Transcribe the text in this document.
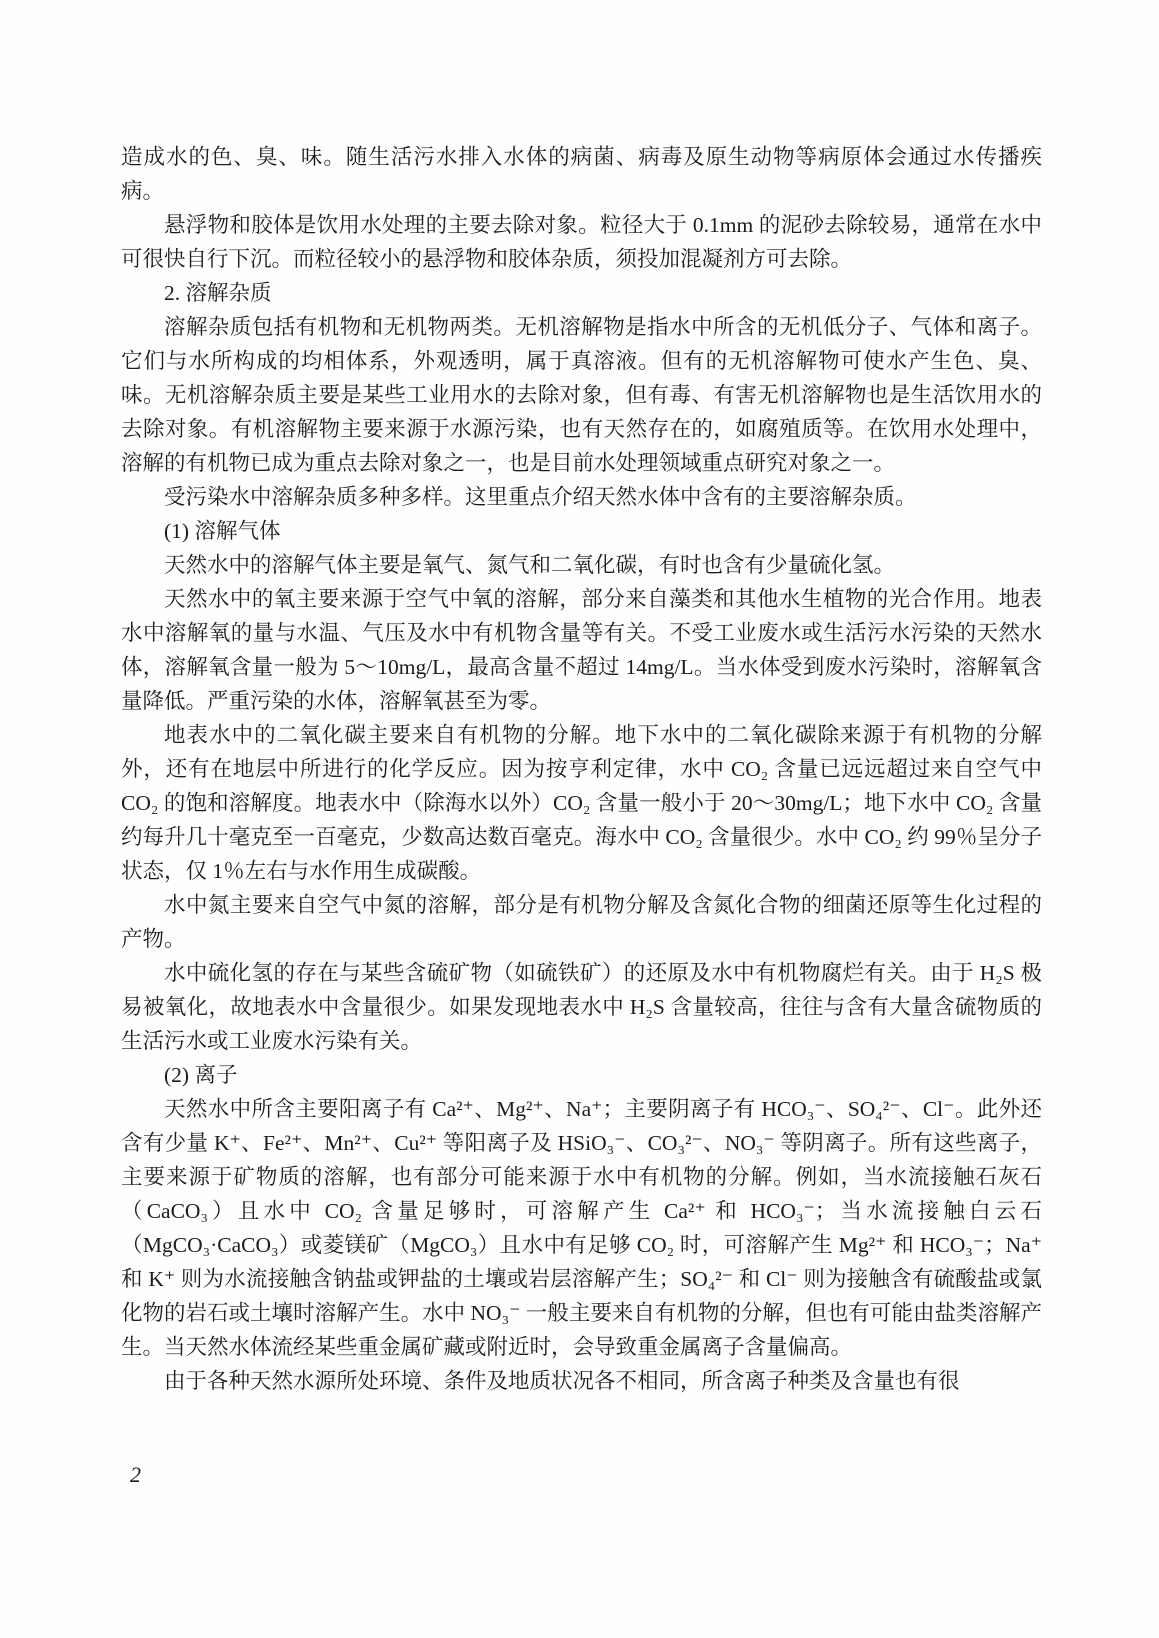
造成水的色、臭、味。随生活污水排入水体的病菌、病毒及原生动物等病原体会通过水传播疾病。

悬浮物和胶体是饮用水处理的主要去除对象。粒径大于 0.1mm 的泥砂去除较易，通常在水中可很快自行下沉。而粒径较小的悬浮物和胶体杂质，须投加混凝剂方可去除。

2. 溶解杂质

溶解杂质包括有机物和无机物两类。无机溶解物是指水中所含的无机低分子、气体和离子。它们与水所构成的均相体系，外观透明，属于真溶液。但有的无机溶解物可使水产生色、臭、味。无机溶解杂质主要是某些工业用水的去除对象，但有毒、有害无机溶解物也是生活饮用水的去除对象。有机溶解物主要来源于水源污染，也有天然存在的，如腐殖质等。在饮用水处理中，溶解的有机物已成为重点去除对象之一，也是目前水处理领域重点研究对象之一。

受污染水中溶解杂质多种多样。这里重点介绍天然水体中含有的主要溶解杂质。

(1) 溶解气体

天然水中的溶解气体主要是氧气、氮气和二氧化碳，有时也含有少量硫化氢。

天然水中的氧主要来源于空气中氧的溶解，部分来自藻类和其他水生植物的光合作用。地表水中溶解氧的量与水温、气压及水中有机物含量等有关。不受工业废水或生活污水污染的天然水体，溶解氧含量一般为 5～10mg/L，最高含量不超过 14mg/L。当水体受到废水污染时，溶解氧含量降低。严重污染的水体，溶解氧甚至为零。

地表水中的二氧化碳主要来自有机物的分解。地下水中的二氧化碳除来源于有机物的分解外，还有在地层中所进行的化学反应。因为按亨利定律，水中 CO₂ 含量已远远超过来自空气中 CO₂ 的饱和溶解度。地表水中（除海水以外）CO₂ 含量一般小于 20～30mg/L；地下水中 CO₂ 含量约每升几十毫克至一百毫克，少数高达数百毫克。海水中 CO₂ 含量很少。水中 CO₂ 约 99％呈分子状态，仅 1％左右与水作用生成碳酸。

水中氮主要来自空气中氮的溶解，部分是有机物分解及含氮化合物的细菌还原等生化过程的产物。

水中硫化氢的存在与某些含硫矿物（如硫铁矿）的还原及水中有机物腐烂有关。由于 H₂S 极易被氧化，故地表水中含量很少。如果发现地表水中 H₂S 含量较高，往往与含有大量含硫物质的生活污水或工业废水污染有关。

(2) 离子

天然水中所含主要阳离子有 Ca²⁺、Mg²⁺、Na⁺；主要阴离子有 HCO₃⁻、SO₄²⁻、Cl⁻。此外还含有少量 K⁺、Fe²⁺、Mn²⁺、Cu²⁺ 等阳离子及 HSiO₃⁻、CO₃²⁻、NO₃⁻ 等阴离子。所有这些离子，主要来源于矿物质的溶解，也有部分可能来源于水中有机物的分解。例如，当水流接触石灰石（CaCO₃）且水中 CO₂ 含量足够时，可溶解产生 Ca²⁺ 和 HCO₃⁻；当水流接触白云石（MgCO₃·CaCO₃）或菱镁矿（MgCO₃）且水中有足够 CO₂ 时，可溶解产生 Mg²⁺ 和 HCO₃⁻；Na⁺ 和 K⁺ 则为水流接触含钠盐或钾盐的土壤或岩层溶解产生；SO₄²⁻ 和 Cl⁻ 则为接触含有硫酸盐或氯化物的岩石或土壤时溶解产生。水中 NO₃⁻ 一般主要来自有机物的分解，但也有可能由盐类溶解产生。当天然水体流经某些重金属矿藏或附近时，会导致重金属离子含量偏高。

由于各种天然水源所处环境、条件及地质状况各不相同，所含离子种类及含量也有很

2
